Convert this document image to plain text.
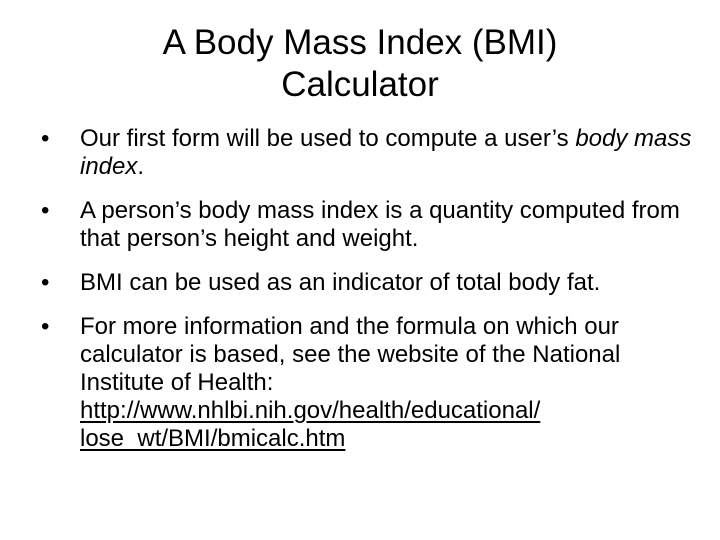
A Body Mass Index (BMI)
Calculator
•	Our first form will be used to compute a user’s body mass index.
•	A person’s body mass index is a quantity computed from that person’s height and weight.
•	BMI can be used as an indicator of total body fat.
•	For more information and the formula on which our calculator is based, see the website of the National Institute of Health: http://www.nhlbi.nih.gov/health/educational/
lose_wt/BMI/bmicalc.htm
